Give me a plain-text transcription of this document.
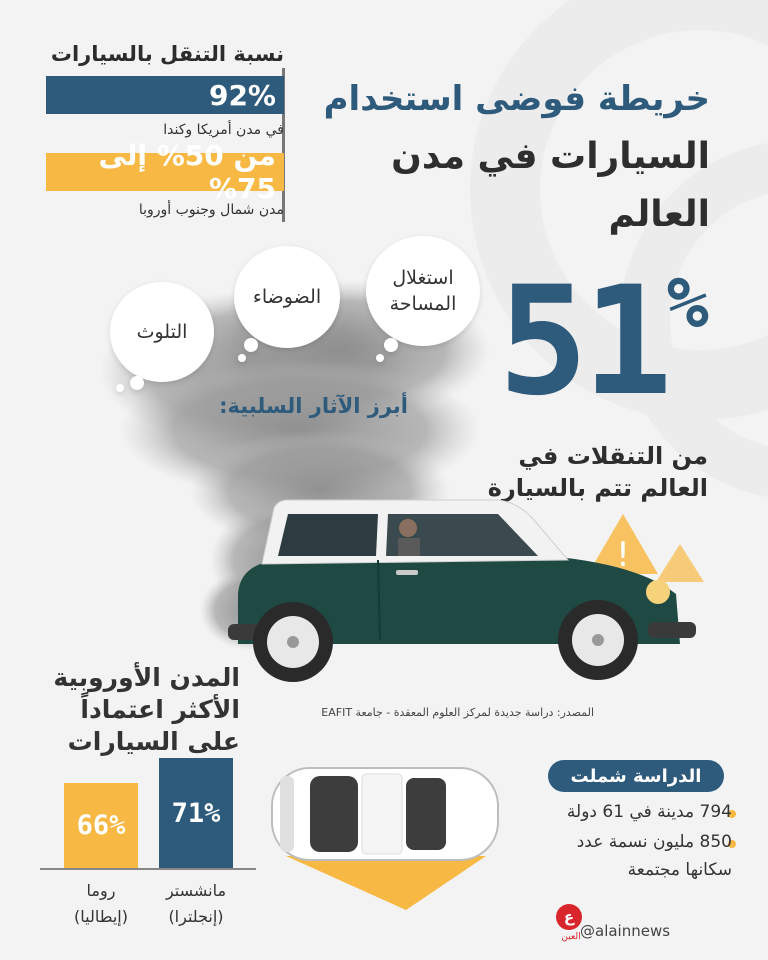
خريطة فوضى استخدام
السيارات في مدن العالم
نسبة التنقل بالسيارات
92%
في مدن أمريكا وكندا
من 50% إلى 75%
مدن شمال وجنوب أوروبا
التلوث
الضوضاء
استغلال المساحة
أبرز الآثار السلبية: 51%
من التنقلات في
العالم تتم بالسيارة
!
المصدر: دراسة جديدة لمركز العلوم المعقدة - جامعة EAFIT
المدن الأوروبية
الأكثر اعتماداً
على السيارات
71%
66%
مانشستر
(إنجلترا)
روما
(إيطاليا)
الدراسة شملت
794 مدينة في 61 دولة
850 مليون نسمة عدد سكانها مجتمعة
ع
العين @alainnews
